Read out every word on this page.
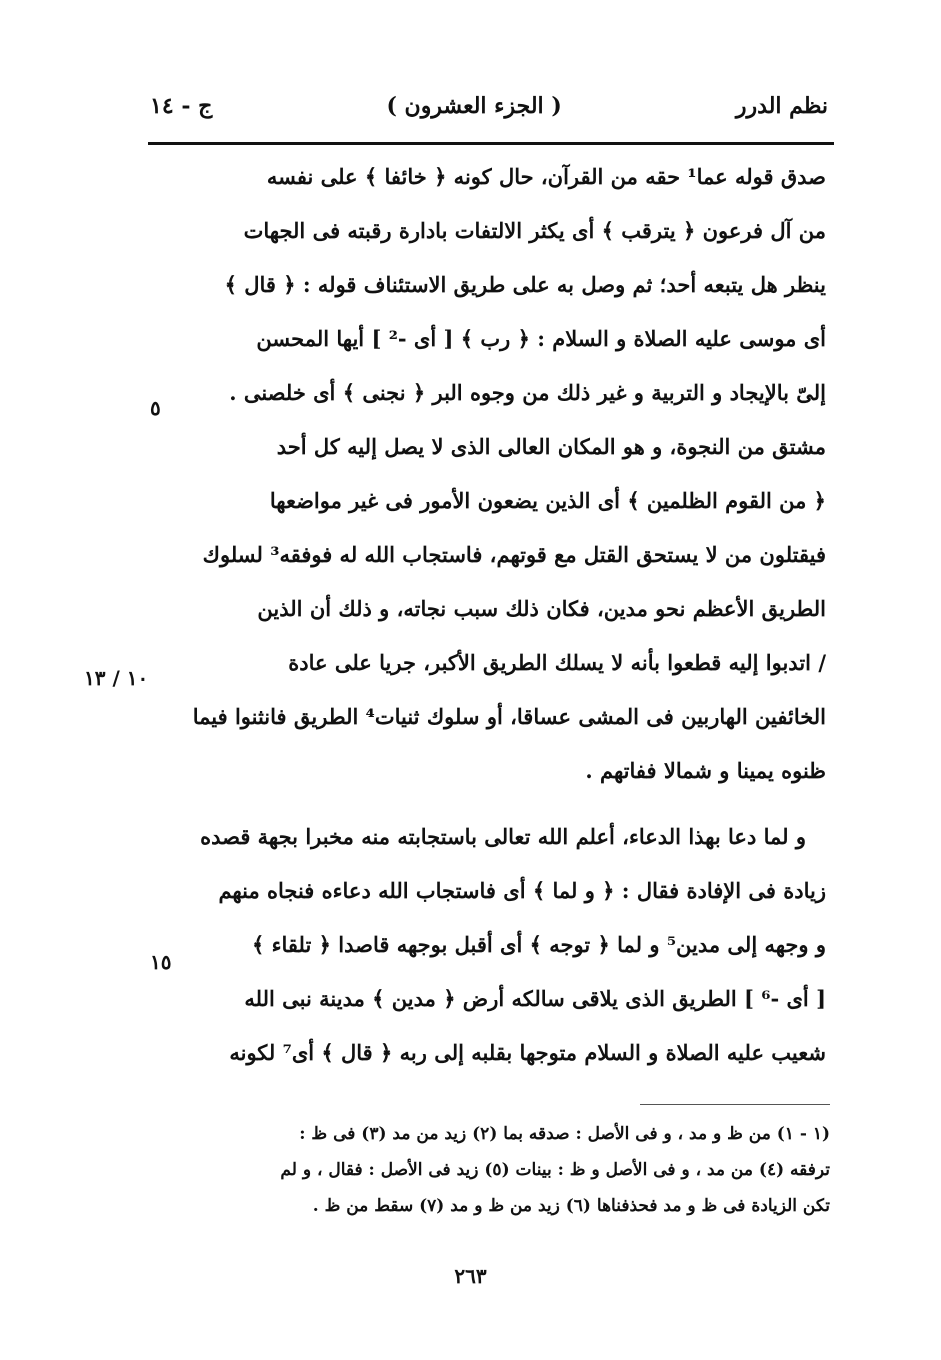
نظم الدرر
( الجزء العشرون )
ج - ١٤
صدق قوله عما¹ حقه من القرآن، حال كونه ﴿ خائفا ﴾ على نفسه
من آل فرعون ﴿ يترقب ﴾ أى يكثر الالتفات بادارة رقبته فى الجهات
ينظر هل يتبعه أحد؛ ثم وصل به على طريق الاستئناف قوله : ﴿ قال ﴾
أى موسى عليه الصلاة و السلام : ﴿ رب ﴾ [ أى -² ] أيها المحسن
إلىّ بالإيجاد و التربية و غير ذلك من وجوه البر ﴿ نجنى ﴾ أى خلصنى .
مشتق من النجوة، و هو المكان العالى الذى لا يصل إليه كل أحد
﴿ من القوم الظلمين ﴾ أى الذين يضعون الأمور فى غير مواضعها
فيقتلون من لا يستحق القتل مع قوتهم، فاستجاب الله له فوفقه³ لسلوك
الطريق الأعظم نحو مدين، فكان ذلك سبب نجاته، و ذلك أن الذين
/ اتدبوا إليه قطعوا بأنه لا يسلك الطريق الأكبر، جريا على عادة
الخائفين الهاربين فى المشى عساقا، أو سلوك ثنيات⁴ الطريق فانثنوا فيما
ظنوه يمينا و شمالا ففاتهم .
و لما دعا بهذا الدعاء، أعلم الله تعالى باستجابته منه مخبرا بجهة قصده
زيادة فى الإفادة فقال : ﴿ و لما ﴾ أى فاستجاب الله دعاءه فنجاه منهم
و وجهه إلى مدين⁵ و لما ﴿ توجه ﴾ أى أقبل بوجهه قاصدا ﴿ تلقاء ﴾
[ أى -⁶ ] الطريق الذى يلاقى سالكه أرض ﴿ مدين ﴾ مدينة نبى الله
شعيب عليه الصلاة و السلام متوجها بقلبه إلى ربه ﴿ قال ﴾ أى⁷ لكونه
٥
١٠ / ١٣
١٥
(١ - ١) من ظ و مد ، و فى الأصل : صدقه بما (٢) زيد من مد (٣) فى ظ :
ترفقه (٤) من مد ، و فى الأصل و ظ : بينات (٥) زيد فى الأصل : فقال ، و لم
تكن الزيادة فى ظ و مد فحذفناها (٦) زيد من ظ و مد (٧) سقط من ظ .
٢٦٣
